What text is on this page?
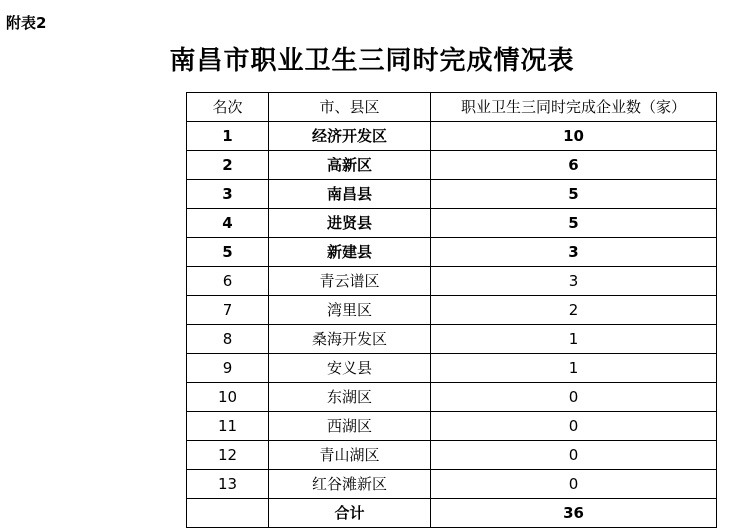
附表2
南昌市职业卫生三同时完成情况表
名次	市、县区	职业卫生三同时完成企业数（家）
1	经济开发区	10
2	高新区	6
3	南昌县	5
4	进贤县	5
5	新建县	3
6	青云谱区	3
7	湾里区	2
8	桑海开发区	1
9	安义县	1
10	东湖区	0
11	西湖区	0
12	青山湖区	0
13	红谷滩新区	0
	合计	36
